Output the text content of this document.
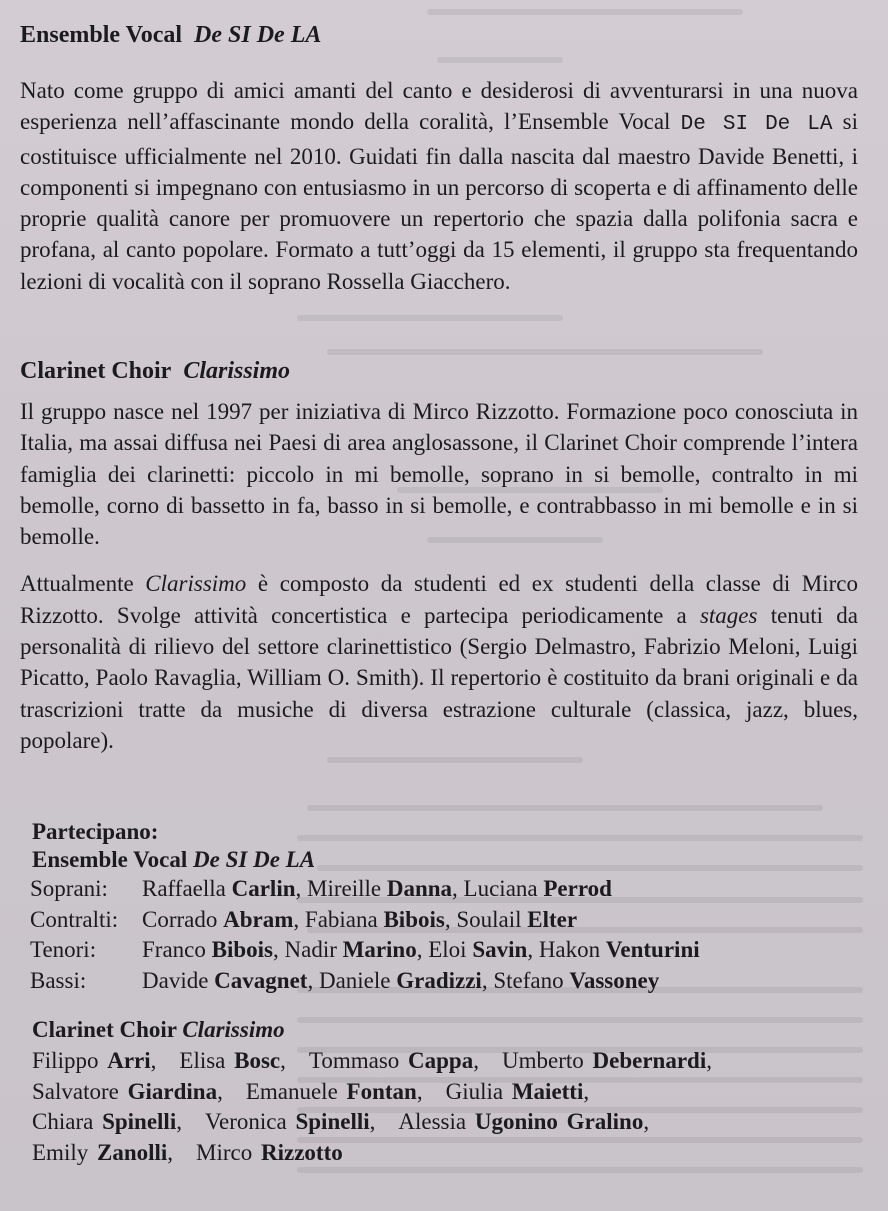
Ensemble Vocal De SI De LA

Nato come gruppo di amici amanti del canto e desiderosi di avventurarsi in una nuova esperienza nell’affascinante mondo della coralità, l’Ensemble Vocal De SI De LA si costituisce ufficialmente nel 2010. Guidati fin dalla nascita dal maestro Davide Benetti, i componenti si impegnano con entusiasmo in un percorso di scoperta e di affinamento delle proprie qualità canore per promuovere un repertorio che spazia dalla polifonia sacra e profana, al canto popolare. Formato a tutt’oggi da 15 elementi, il gruppo sta frequentando lezioni di vocalità con il soprano Rossella Giacchero.

Clarinet Choir Clarissimo

Il gruppo nasce nel 1997 per iniziativa di Mirco Rizzotto. Formazione poco conosciuta in Italia, ma assai diffusa nei Paesi di area anglosassone, il Clarinet Choir comprende l’intera famiglia dei clarinetti: piccolo in mi bemolle, soprano in si bemolle, contralto in mi bemolle, corno di bassetto in fa, basso in si bemolle, e contrabbasso in mi bemolle e in si bemolle.

Attualmente Clarissimo è composto da studenti ed ex studenti della classe di Mirco Rizzotto. Svolge attività concertistica e partecipa periodicamente a stages tenuti da personalità di rilievo del settore clarinettistico (Sergio Delmastro, Fabrizio Meloni, Luigi Picatto, Paolo Ravaglia, William O. Smith). Il repertorio è costituito da brani originali e da trascrizioni tratte da musiche di diversa estrazione culturale (classica, jazz, blues, popolare).

Partecipano:
Ensemble Vocal De SI De LA
Soprani: Raffaella Carlin, Mireille Danna, Luciana Perrod
Contralti: Corrado Abram, Fabiana Bibois, Soulail Elter
Tenori: Franco Bibois, Nadir Marino, Eloi Savin, Hakon Venturini
Bassi: Davide Cavagnet, Daniele Gradizzi, Stefano Vassoney
Clarinet Choir Clarissimo
Filippo Arri, Elisa Bosc, Tommaso Cappa, Umberto Debernardi,
Salvatore Giardina, Emanuele Fontan, Giulia Maietti,
Chiara Spinelli, Veronica Spinelli, Alessia Ugonino Gralino,
Emily Zanolli, Mirco Rizzotto
